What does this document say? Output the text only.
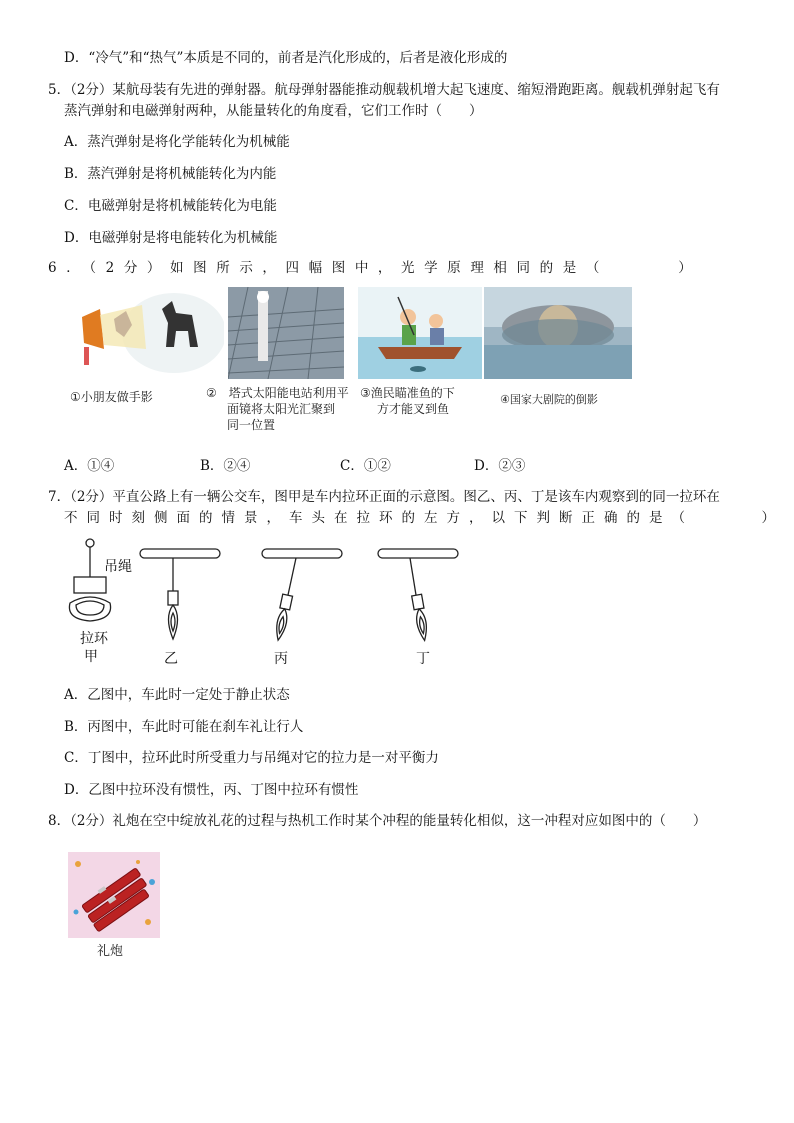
D．“冷气”和“热气”本质是不同的，前者是汽化形成的，后者是液化形成的
5．（2分）某航母装有先进的弹射器。航母弹射器能推动舰载机增大起飞速度、缩短滑跑距离。舰载机弹射起飞有
蒸汽弹射和电磁弹射两种，从能量转化的角度看，它们工作时（　　）
A．蒸汽弹射是将化学能转化为机械能
B．蒸汽弹射是将机械能转化为内能
C．电磁弹射是将机械能转化为电能
D．电磁弹射是将电能转化为机械能
6．（2分）如图所示，四幅图中，光学原理相同的是（　　　）
①小朋友做手影	②　塔式太阳能电站利用平
面镜将太阳光汇聚到
同一位置
③渔民瞄准鱼的下
方才能叉到鱼
④国家大剧院的倒影
A．①④	B．②④	C．①②	D．②③
7．（2分）平直公路上有一辆公交车，图甲是车内拉环正面的示意图。图乙、丙、丁是该车内观察到的同一拉环在
不同时刻侧面的情景，车头在拉环的左方，以下判断正确的是（　　　）
吊绳
拉环
甲	乙	丙	丁
A．乙图中，车此时一定处于静止状态
B．丙图中，车此时可能在刹车礼让行人
C．丁图中，拉环此时所受重力与吊绳对它的拉力是一对平衡力
D．乙图中拉环没有惯性，丙、丁图中拉环有惯性
8．（2分）礼炮在空中绽放礼花的过程与热机工作时某个冲程的能量转化相似，这一冲程对应如图中的（　　）
礼炮
